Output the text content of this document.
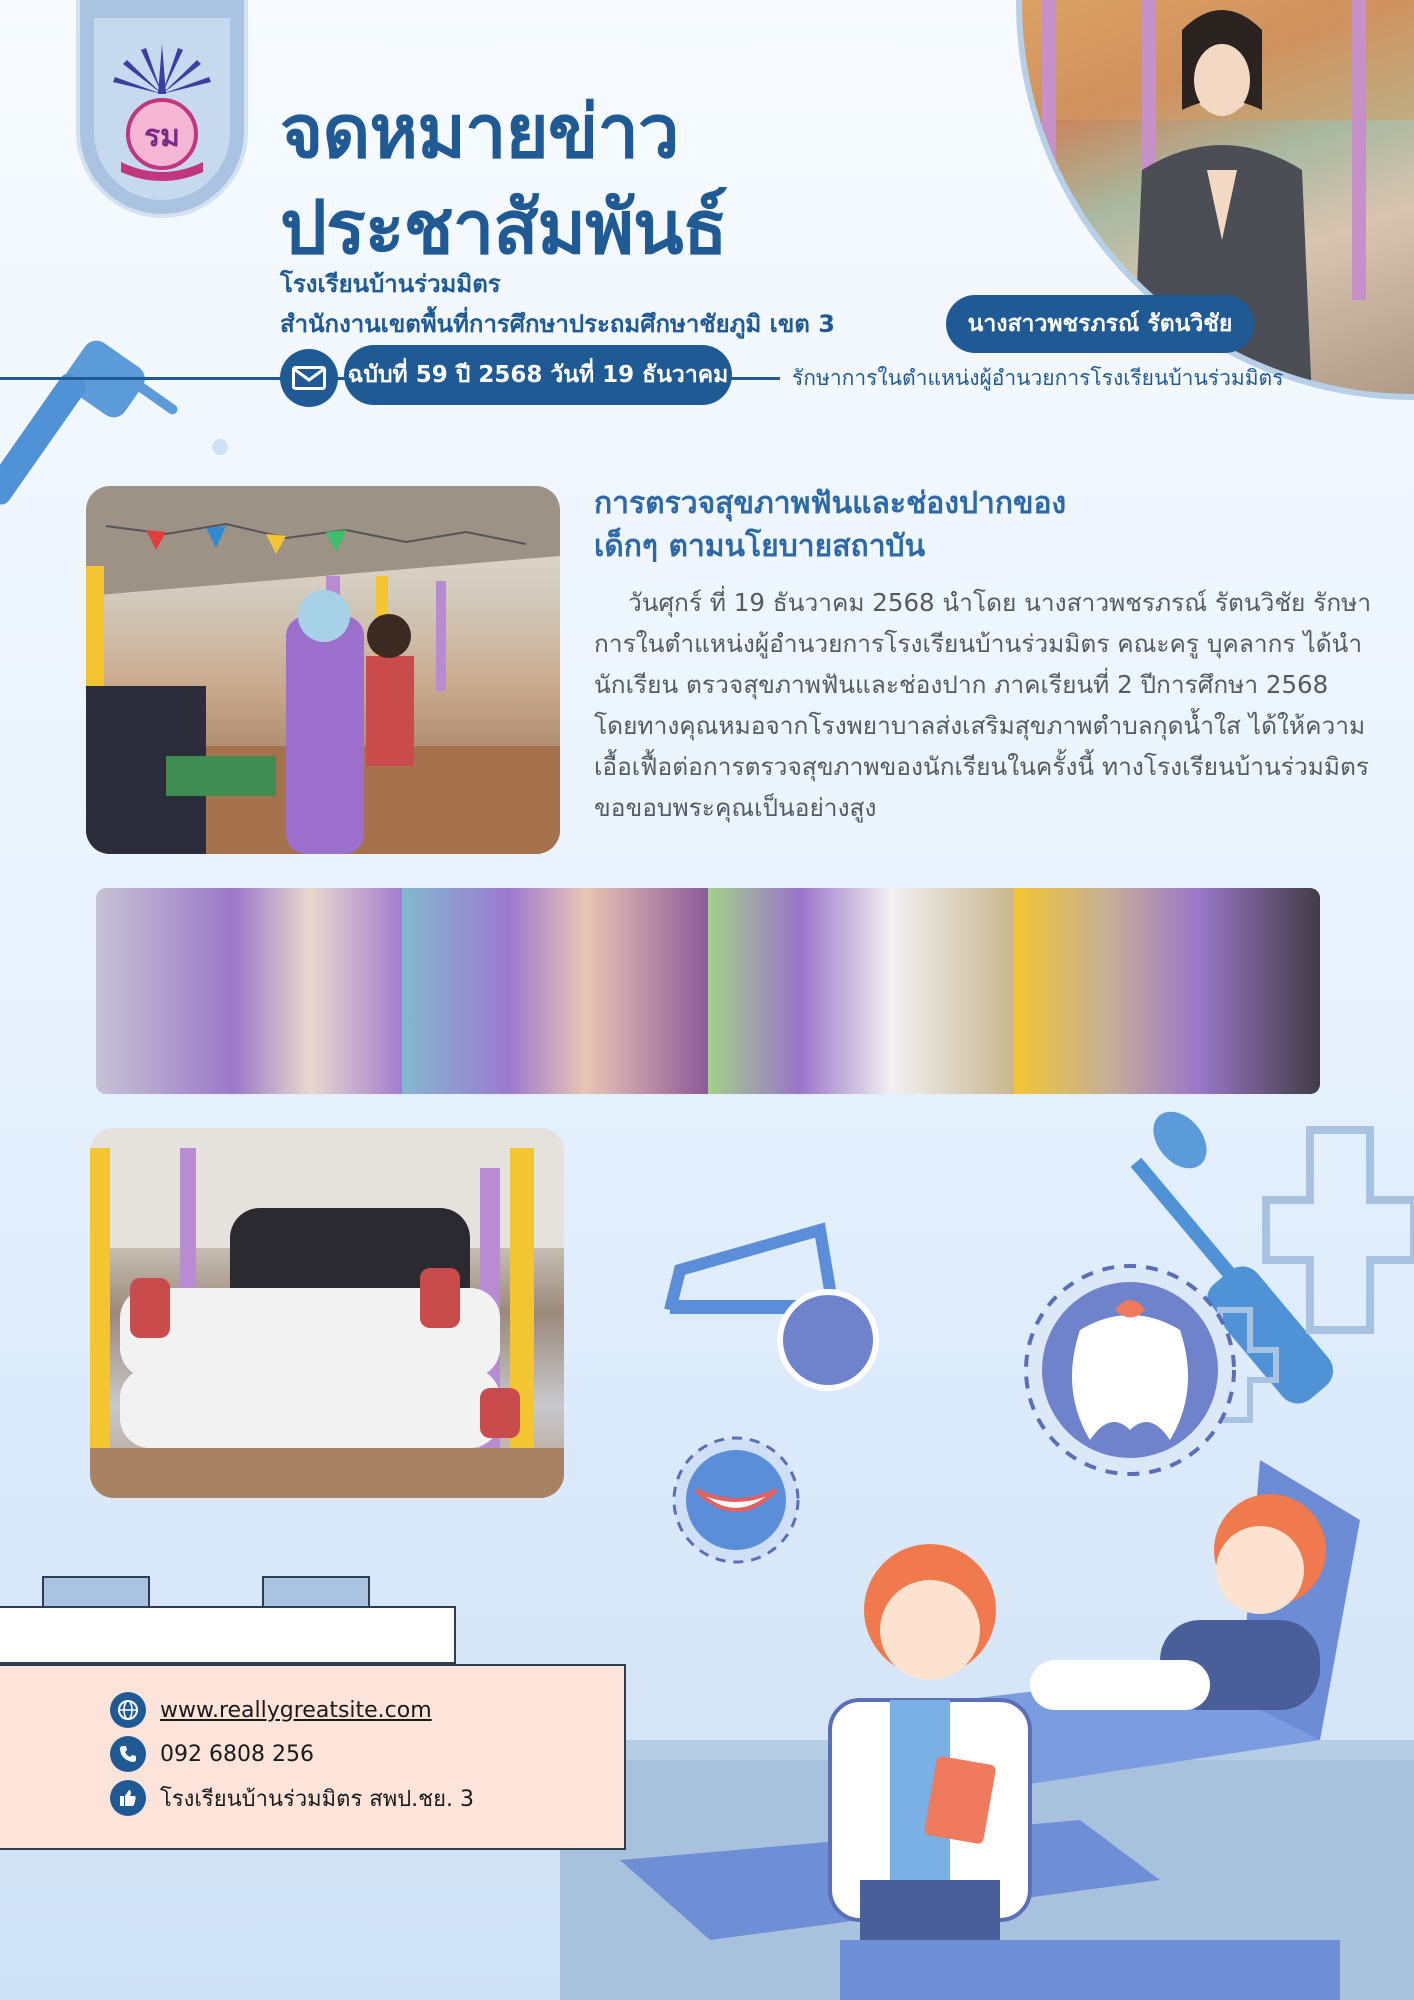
รม จดหมายข่าว
ประชาสัมพันธ์
โรงเรียนบ้านร่วมมิตร
สำนักงานเขตพื้นที่การศึกษาประถมศึกษาชัยภูมิ เขต 3
ฉบับที่ 59 ปี 2568 วันที่ 19 ธันวาคม
นางสาวพชรภรณ์ รัตนวิชัย
รักษาการในตำแหน่งผู้อำนวยการโรงเรียนบ้านร่วมมิตร
การตรวจสุขภาพฟันและช่องปากของ
เด็กๆ ตามนโยบายสถาบัน
วันศุกร์ ที่ 19 ธันวาคม 2568 นำโดย นางสาวพชรภรณ์ รัตนวิชัย รักษาการในตำแหน่งผู้อำนวยการโรงเรียนบ้านร่วมมิตร คณะครู บุคลากร ได้นำนักเรียน ตรวจสุขภาพฟันและช่องปาก ภาคเรียนที่ 2 ปีการศึกษา 2568 โดยทางคุณหมอจากโรงพยาบาลส่งเสริมสุขภาพตำบลกุดน้ำใส ได้ให้ความเอื้อเฟื้อต่อการตรวจสุขภาพของนักเรียนในครั้งนี้ ทางโรงเรียนบ้านร่วมมิตร ขอขอบพระคุณเป็นอย่างสูง
www.reallygreatsite.com
092 6808 256
โรงเรียนบ้านร่วมมิตร สพป.ชย. 3
